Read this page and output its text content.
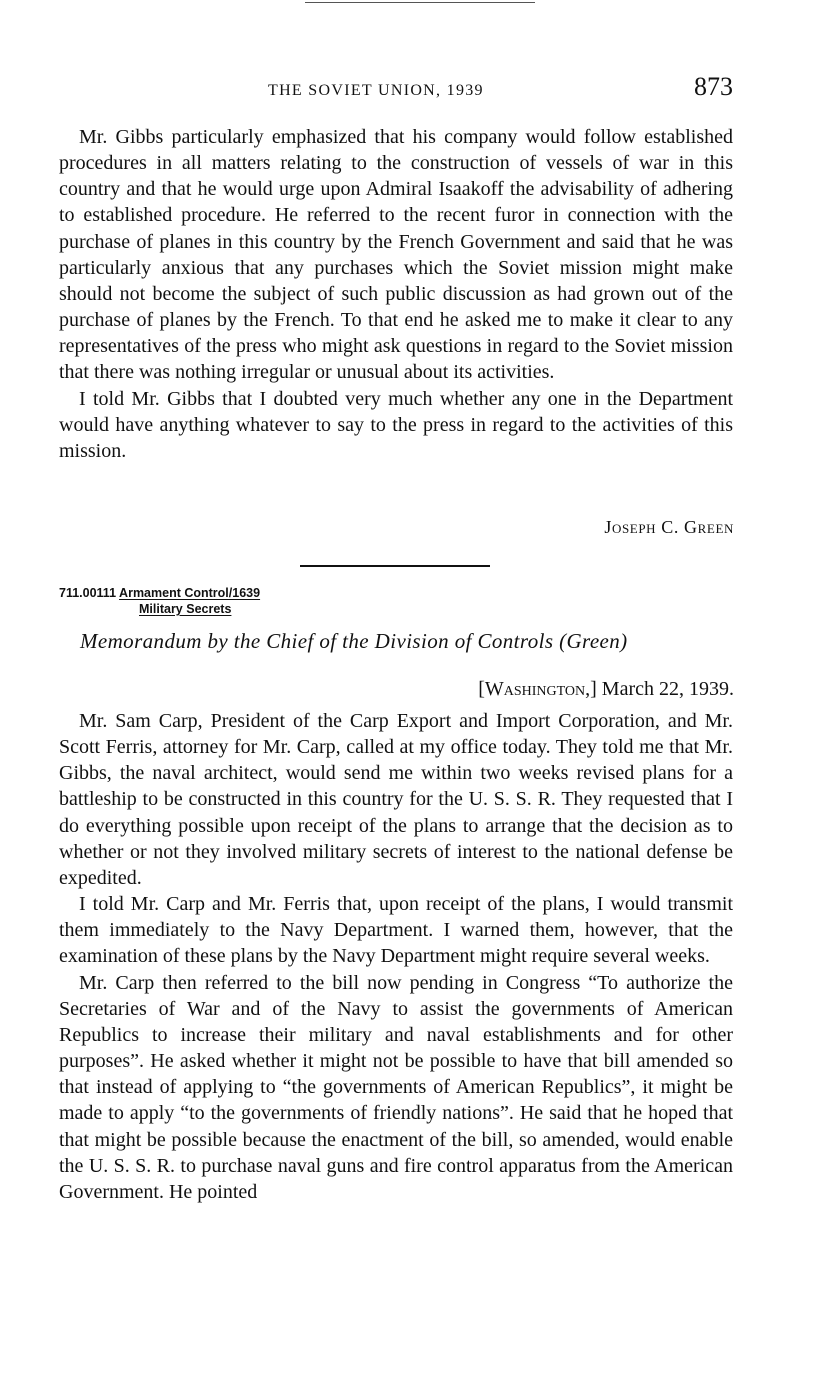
THE SOVIET UNION, 1939	873

Mr. Gibbs particularly emphasized that his company would follow established procedures in all matters relating to the construction of vessels of war in this country and that he would urge upon Admiral Isaakoff the advisability of adhering to established procedure. He referred to the recent furor in connection with the purchase of planes in this country by the French Government and said that he was particularly anxious that any purchases which the Soviet mission might make should not become the subject of such public discussion as had grown out of the purchase of planes by the French. To that end he asked me to make it clear to any representatives of the press who might ask questions in regard to the Soviet mission that there was nothing irregular or unusual about its activities.

I told Mr. Gibbs that I doubted very much whether any one in the Department would have anything whatever to say to the press in regard to the activities of this mission.

Joseph C. Green
711.00111 Armament Control/1639
Military Secrets
Memorandum by the Chief of the Division of Controls (Green)
[Washington,] March 22, 1939.

Mr. Sam Carp, President of the Carp Export and Import Corporation, and Mr. Scott Ferris, attorney for Mr. Carp, called at my office today. They told me that Mr. Gibbs, the naval architect, would send me within two weeks revised plans for a battleship to be constructed in this country for the U. S. S. R. They requested that I do everything possible upon receipt of the plans to arrange that the decision as to whether or not they involved military secrets of interest to the national defense be expedited.

I told Mr. Carp and Mr. Ferris that, upon receipt of the plans, I would transmit them immediately to the Navy Department. I warned them, however, that the examination of these plans by the Navy Department might require several weeks.

Mr. Carp then referred to the bill now pending in Congress “To authorize the Secretaries of War and of the Navy to assist the governments of American Republics to increase their military and naval establishments and for other purposes”. He asked whether it might not be possible to have that bill amended so that instead of applying to “the governments of American Republics”, it might be made to apply “to the governments of friendly nations”. He said that he hoped that that might be possible because the enactment of the bill, so amended, would enable the U. S. S. R. to purchase naval guns and fire control apparatus from the American Government. He pointed
